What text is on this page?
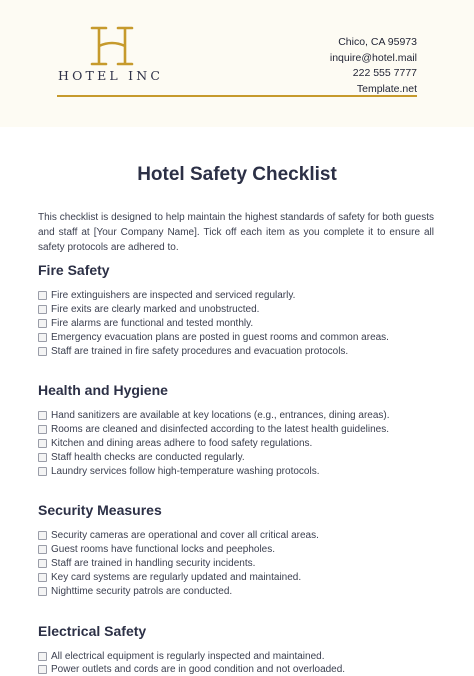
HOTEL INC
Chico, CA 95973
inquire@hotel.mail
222 555 7777
Template.net
Hotel Safety Checklist
This checklist is designed to help maintain the highest standards of safety for both guests and staff at [Your Company Name]. Tick off each item as you complete it to ensure all safety protocols are adhered to.
Fire Safety
Fire extinguishers are inspected and serviced regularly.
Fire exits are clearly marked and unobstructed.
Fire alarms are functional and tested monthly.
Emergency evacuation plans are posted in guest rooms and common areas.
Staff are trained in fire safety procedures and evacuation protocols.
Health and Hygiene
Hand sanitizers are available at key locations (e.g., entrances, dining areas).
Rooms are cleaned and disinfected according to the latest health guidelines.
Kitchen and dining areas adhere to food safety regulations.
Staff health checks are conducted regularly.
Laundry services follow high-temperature washing protocols.
Security Measures
Security cameras are operational and cover all critical areas.
Guest rooms have functional locks and peepholes.
Staff are trained in handling security incidents.
Key card systems are regularly updated and maintained.
Nighttime security patrols are conducted.
Electrical Safety
All electrical equipment is regularly inspected and maintained.
Power outlets and cords are in good condition and not overloaded.
